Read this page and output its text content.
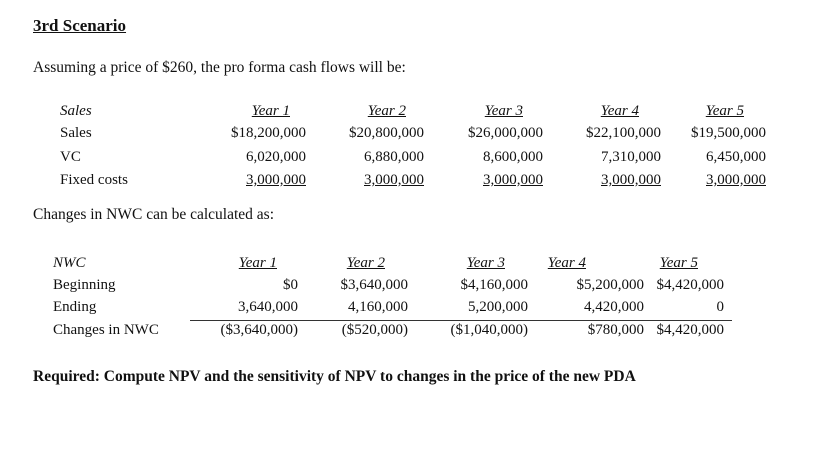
3rd Scenario
Assuming a price of $260, the pro forma cash flows will be:
Sales	Year 1	Year 2	Year 3	Year 4	Year 5
Sales	$18,200,000	$20,800,000	$26,000,000	$22,100,000	$19,500,000
VC	6,020,000	6,880,000	8,600,000	7,310,000	6,450,000
Fixed costs	3,000,000	3,000,000	3,000,000	3,000,000	3,000,000
Changes in NWC can be calculated as:
NWC	Year 1	Year 2	Year 3	Year 4	Year 5
Beginning	$0	$3,640,000	$4,160,000	$5,200,000 $4,420,000
Ending	3,640,000	4,160,000	5,200,000	4,420,000	0
Changes in NWC	($3,640,000)	($520,000)	($1,040,000)	$780,000 $4,420,000
Required: Compute NPV and the sensitivity of NPV to changes in the price of the new PDA
